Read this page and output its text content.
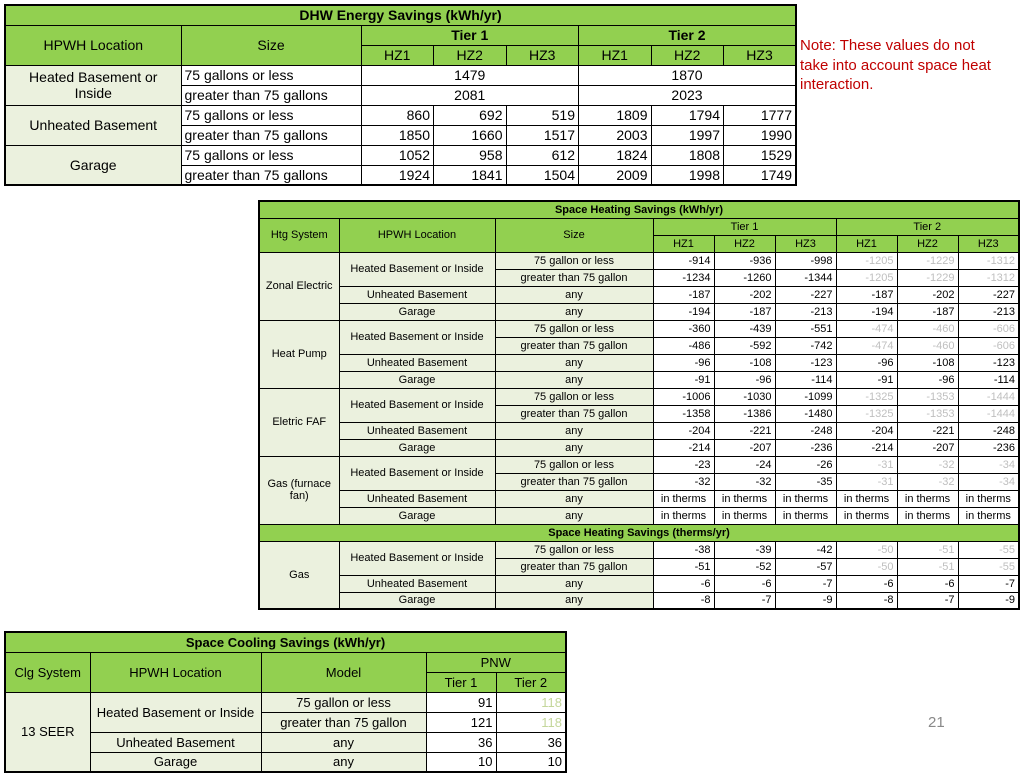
DHW Energy Savings (kWh/yr)							
HPWH Location	Size	Tier 1			Tier 2		
		HZ1	HZ2	HZ3	HZ1	HZ2	HZ3
Heated Basement or Inside	75 gallons or less	1479			1870		
	greater than 75 gallons	2081			2023		
Unheated Basement	75 gallons or less	860	692	519	1809	1794	1777
	greater than 75 gallons	1850	1660	1517	2003	1997	1990
Garage	75 gallons or less	1052	958	612	1824	1808	1529
	greater than 75 gallons	1924	1841	1504	2009	1998	1749
Note: These values do not take into account space heat interaction.
Space Heating Savings (kWh/yr)								
Htg System	HPWH Location	Size	Tier 1			Tier 2		
			HZ1	HZ2	HZ3	HZ1	HZ2	HZ3
Zonal Electric	Heated Basement or Inside	75 gallon or less	-914	-936	-998	-1205	-1229	-1312
		greater than 75 gallon	-1234	-1260	-1344	-1205	-1229	-1312
	Unheated Basement	any	-187	-202	-227	-187	-202	-227
	Garage	any	-194	-187	-213	-194	-187	-213
Heat Pump	Heated Basement or Inside	75 gallon or less	-360	-439	-551	-474	-460	-606
		greater than 75 gallon	-486	-592	-742	-474	-460	-606
	Unheated Basement	any	-96	-108	-123	-96	-108	-123
	Garage	any	-91	-96	-114	-91	-96	-114
Eletric FAF	Heated Basement or Inside	75 gallon or less	-1006	-1030	-1099	-1325	-1353	-1444
		greater than 75 gallon	-1358	-1386	-1480	-1325	-1353	-1444
	Unheated Basement	any	-204	-221	-248	-204	-221	-248
	Garage	any	-214	-207	-236	-214	-207	-236
Gas (furnace fan)	Heated Basement or Inside	75 gallon or less	-23	-24	-26	-31	-32	-34
		greater than 75 gallon	-32	-32	-35	-31	-32	-34
	Unheated Basement	any	in therms	in therms	in therms	in therms	in therms	in therms
	Garage	any	in therms	in therms	in therms	in therms	in therms	in therms
Space Heating Savings (therms/yr)								
Gas	Heated Basement or Inside	75 gallon or less	-38	-39	-42	-50	-51	-55
		greater than 75 gallon	-51	-52	-57	-50	-51	-55
	Unheated Basement	any	-6	-6	-7	-6	-6	-7
	Garage	any	-8	-7	-9	-8	-7	-9
Space Cooling Savings (kWh/yr)				
Clg System	HPWH Location	Model	PNW	
			Tier 1	Tier 2
13 SEER	Heated Basement or Inside	75 gallon or less	91	118
		greater than 75 gallon	121	118
	Unheated Basement	any	36	36
	Garage	any	10	10
21
